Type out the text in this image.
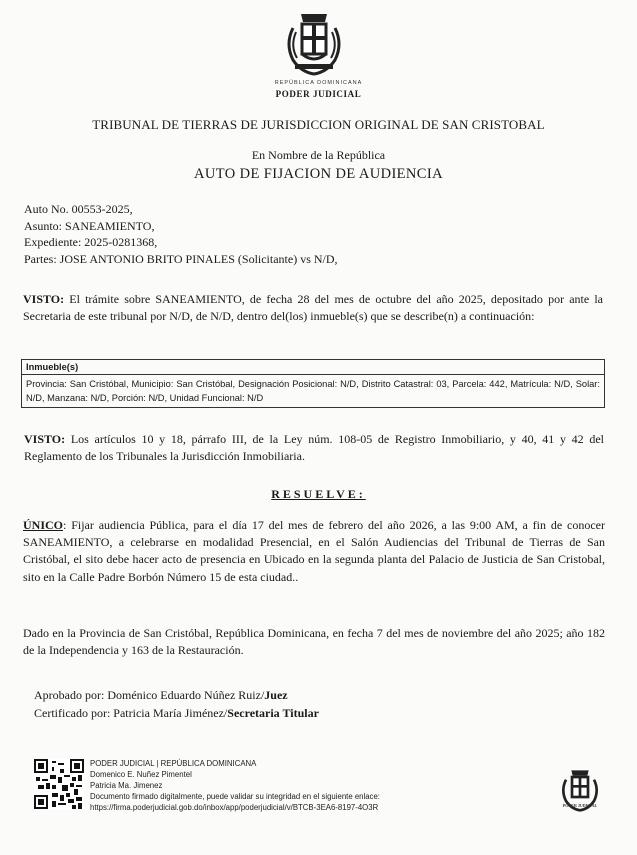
REPÚBLICA DOMINICANA
PODER JUDICIAL
TRIBUNAL DE TIERRAS DE JURISDICCION ORIGINAL DE SAN CRISTOBAL
En Nombre de la República
AUTO DE FIJACION DE AUDIENCIA
Auto No. 00553-2025,
Asunto: SANEAMIENTO,
Expediente: 2025-0281368,
Partes: JOSE ANTONIO BRITO PINALES (Solicitante) vs N/D,
VISTO: El trámite sobre SANEAMIENTO, de fecha 28 del mes de octubre del año 2025, depositado por ante la Secretaria de este tribunal por N/D, de N/D, dentro del(los) inmueble(s) que se describe(n) a continuación:
Inmueble(s)
Provincia: San Cristóbal, Municipio: San Cristóbal, Designación Posicional: N/D, Distrito Catastral: 03, Parcela: 442, Matrícula: N/D, Solar: N/D, Manzana: N/D, Porción: N/D, Unidad Funcional: N/D
VISTO: Los artículos 10 y 18, párrafo III, de la Ley núm. 108-05 de Registro Inmobiliario, y 40, 41 y 42 del Reglamento de los Tribunales la Jurisdicción Inmobiliaria.
RESUELVE:
ÚNICO: Fijar audiencia Pública, para el día 17 del mes de febrero del año 2026, a las 9:00 AM, a fin de conocer SANEAMIENTO, a celebrarse en modalidad Presencial, en el Salón Audiencias del Tribunal de Tierras de San Cristóbal, el sito debe hacer acto de presencia en Ubicado en la segunda planta del Palacio de Justicia de San Cristobal, sito en la Calle Padre Borbón Número 15 de esta ciudad..
Dado en la Provincia de San Cristóbal, República Dominicana, en fecha 7 del mes de noviembre del año 2025; año 182 de la Independencia y 163 de la Restauración.
Aprobado por: Doménico Eduardo Núñez Ruiz/Juez
Certificado por: Patricia María Jiménez/Secretaria Titular
PODER JUDICIAL | REPÚBLICA DOMINICANA
Domenico E. Nuñez Pimentel
Patricia Ma. Jimenez
Documento firmado digitalmente, puede validar su integridad en el siguiente enlace:
https://firma.poderjudicial.gob.do/inbox/app/poderjudicial/v/BTCB-3EA6-8197-4O3R	PODER JUDICIAL
